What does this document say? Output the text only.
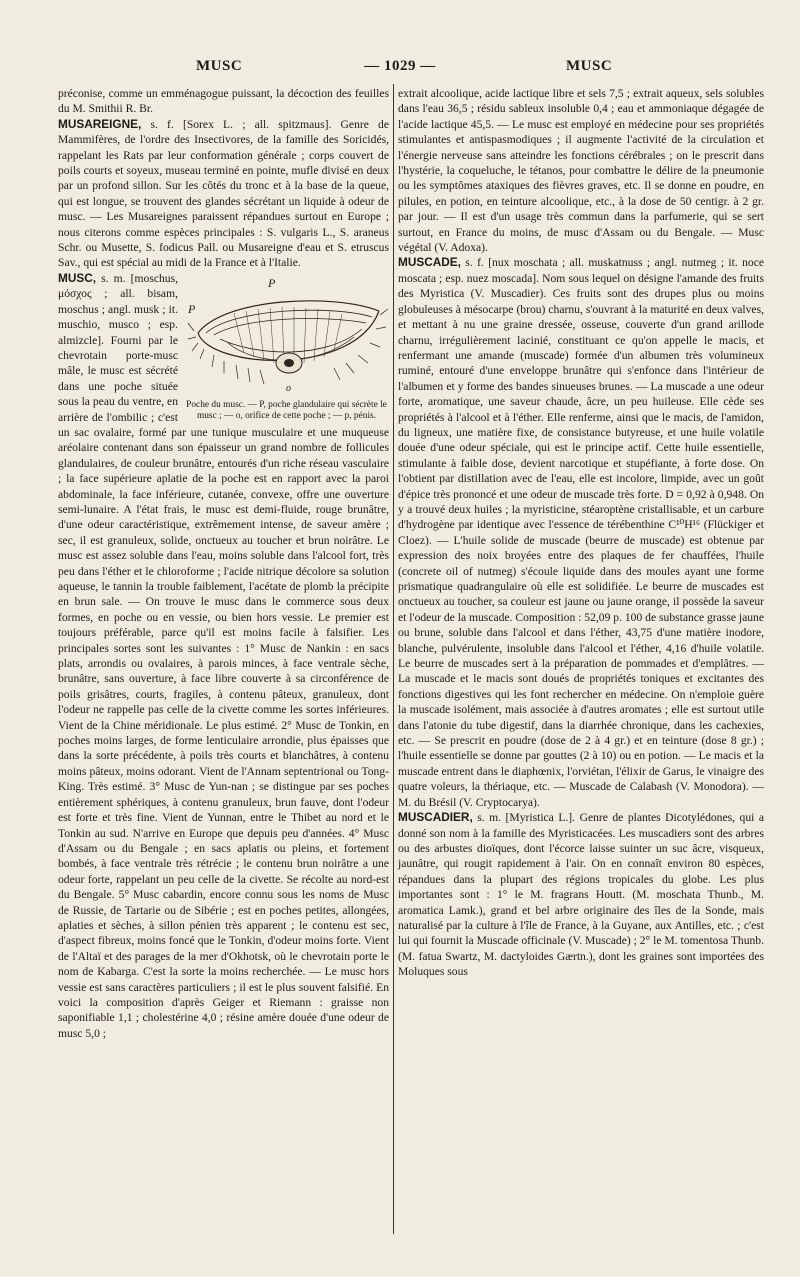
MUSC	— 1029 —	MUSC

préconise, comme un emménagogue puissant, la décoction des feuilles du M. Smithii R. Br.

MUSAREIGNE, s. f. [Sorex L. ; all. spitzmaus]. Genre de Mammifères, de l'ordre des Insectivores, de la famille des Soricidés, rappelant les Rats par leur conformation générale ; corps couvert de poils courts et soyeux, museau terminé en pointe, mufle divisé en deux par un profond sillon. Sur les côtés du tronc et à la base de la queue, qui est longue, se trouvent des glandes sécrétant un liquide à odeur de musc. — Les Musareignes paraissent répandues surtout en Europe ; nous citerons comme espèces principales : S. vulgaris L., S. araneus Schr. ou Musette, S. fodicus Pall. ou Musareigne d'eau et S. etruscus Sav., qui est spécial au midi de la France et à l'Italie.

P
P
o
Poche du musc. — P, poche glandulaire qui sécrète le musc ; — o, orifice de cette poche ; — p, pénis.

MUSC, s. m. [moschus, μόσχος ; all. bisam, moschus ; angl. musk ; it. muschio, musco ; esp. almizcle]. Fourni par le chevrotain porte-musc mâle, le musc est sécrété dans une poche située sous la peau du ventre, en arrière de l'ombilic ; c'est un sac ovalaire, formé par une tunique musculaire et une muqueuse aréolaire contenant dans son épaisseur un grand nombre de follicules glandulaires, de couleur brunâtre, entourés d'un riche réseau vasculaire ; la face supérieure aplatie de la poche est en rapport avec la paroi abdominale, la face inférieure, cutanée, convexe, offre une ouverture semi-lunaire. A l'état frais, le musc est demi-fluide, rouge brunâtre, d'une odeur caractéristique, extrêmement intense, de saveur amère ; sec, il est granuleux, solide, onctueux au toucher et brun noirâtre. Le musc est assez soluble dans l'eau, moins soluble dans l'alcool fort, très peu dans l'éther et le chloroforme ; l'acide nitrique décolore sa solution aqueuse, le tannin la trouble faiblement, l'acétate de plomb la précipite en brun sale. — On trouve le musc dans le commerce sous deux formes, en poche ou en vessie, ou bien hors vessie. Le premier est toujours préférable, parce qu'il est moins facile à falsifier. Les principales sortes sont les suivantes : 1° Musc de Nankin : en sacs plats, arrondis ou ovalaires, à parois minces, à face ventrale sèche, brunâtre, sans ouverture, à face libre couverte à sa circonférence de poils grisâtres, courts, fragiles, à contenu pâteux, granuleux, dont l'odeur ne rappelle pas celle de la civette comme les sortes inférieures. Vient de la Chine méridionale. Le plus estimé. 2° Musc de Tonkin, en poches moins larges, de forme lenticulaire arrondie, plus épaisses que dans la sorte précédente, à poils très courts et blanchâtres, à contenu moins pâteux, moins odorant. Vient de l'Annam septentrional ou Tong-King. Très estimé. 3° Musc de Yun-nan ; se distingue par ses poches entièrement sphériques, à contenu granuleux, brun fauve, dont l'odeur est forte et très fine. Vient de Yunnan, entre le Thibet au nord et le Tonkin au sud. N'arrive en Europe que depuis peu d'années. 4° Musc d'Assam ou du Bengale ; en sacs aplatis ou pleins, et fortement bombés, à face ventrale très rétrécie ; le contenu brun noirâtre a une odeur forte, rappelant un peu celle de la civette. Se récolte au nord-est du Bengale. 5° Musc cabardin, encore connu sous les noms de Musc de Russie, de Tartarie ou de Sibérie ; est en poches petites, allongées, aplaties et sèches, à sillon pénien très apparent ; le contenu est sec, d'aspect fibreux, moins foncé que le Tonkin, d'odeur moins forte. Vient de l'Altaï et des parages de la mer d'Okhotsk, où le chevrotain porte le nom de Kabarga. C'est la sorte la moins recherchée. — Le musc hors vessie est sans caractères particuliers ; il est le plus souvent falsifié. En voici la composition d'après Geiger et Riemann : graisse non saponifiable 1,1 ; cholestérine 4,0 ; résine amère douée d'une odeur de musc 5,0 ;

extrait alcoolique, acide lactique libre et sels 7,5 ; extrait aqueux, sels solubles dans l'eau 36,5 ; résidu sableux insoluble 0,4 ; eau et ammoniaque dégagée de l'acide lactique 45,5. — Le musc est employé en médecine pour ses propriétés stimulantes et antispasmodiques ; il augmente l'activité de la circulation et l'énergie nerveuse sans atteindre les fonctions cérébrales ; on le prescrit dans l'hystérie, la coqueluche, le tétanos, pour combattre le délire de la pneumonie ou les symptômes ataxiques des fièvres graves, etc. Il se donne en poudre, en pilules, en potion, en teinture alcoolique, etc., à la dose de 50 centigr. à 2 gr. par jour. — Il est d'un usage très commun dans la parfumerie, qui se sert surtout, en France du moins, de musc d'Assam ou du Bengale. — Musc végétal (V. Adoxa).

MUSCADE, s. f. [nux moschata ; all. muskatnuss ; angl. nutmeg ; it. noce moscata ; esp. nuez moscada]. Nom sous lequel on désigne l'amande des fruits des Myristica (V. Muscadier). Ces fruits sont des drupes plus ou moins globuleuses à mésocarpe (brou) charnu, s'ouvrant à la maturité en deux valves, et mettant à nu une graine dressée, osseuse, couverte d'un grand arillode charnu, irrégulièrement lacinié, constituant ce qu'on appelle le macis, et renfermant une amande (muscade) formée d'un albumen très volumineux ruminé, entouré d'une enveloppe brunâtre qui s'enfonce dans l'intérieur de l'albumen et y forme des bandes sinueuses brunes. — La muscade a une odeur forte, aromatique, une saveur chaude, âcre, un peu huileuse. Elle cède ses propriétés à l'alcool et à l'éther. Elle renferme, ainsi que le macis, de l'amidon, du ligneux, une matière fixe, de consistance butyreuse, et une huile volatile douée d'une odeur spéciale, qui est le principe actif. Cette huile essentielle, stimulante à faible dose, devient narcotique et stupéfiante, à forte dose. On l'obtient par distillation avec de l'eau, elle est incolore, limpide, avec un goût d'épice très prononcé et une odeur de muscade très forte. D = 0,92 à 0,948. On y a trouvé deux huiles ; la myristicine, stéaroptène cristallisable, et un carbure d'hydrogène par identique avec l'essence de térébenthine C¹⁰H¹⁶ (Flückiger et Cloez). — L'huile solide de muscade (beurre de muscade) est obtenue par expression des noix broyées entre des plaques de fer chauffées, l'huile (concrete oil of nutmeg) s'écoule liquide dans des moules ayant une forme prismatique quadrangulaire où elle est solidifiée. Le beurre de muscades est onctueux au toucher, sa couleur est jaune ou jaune orange, il possède la saveur et l'odeur de la muscade. Composition : 52,09 p. 100 de substance grasse jaune ou brune, soluble dans l'alcool et dans l'éther, 43,75 d'une matière inodore, blanche, pulvérulente, insoluble dans l'alcool et l'éther, 4,16 d'huile volatile. Le beurre de muscades sert à la préparation de pommades et d'emplâtres. — La muscade et le macis sont doués de propriétés toniques et excitantes des fonctions digestives qui les font rechercher en médecine. On n'emploie guère la muscade isolément, mais associée à d'autres aromates ; elle est surtout utile dans l'atonie du tube digestif, dans la diarrhée chronique, dans les cachexies, etc. — Se prescrit en poudre (dose de 2 à 4 gr.) et en teinture (dose 8 gr.) ; l'huile essentielle se donne par gouttes (2 à 10) ou en potion. — Le macis et la muscade entrent dans le diaphœnix, l'orviétan, l'élixir de Garus, le vinaigre des quatre voleurs, la thériaque, etc. — Muscade de Calabash (V. Monodora). — M. du Brésil (V. Cryptocarya).

MUSCADIER, s. m. [Myristica L.]. Genre de plantes Dicotylédones, qui a donné son nom à la famille des Myristicacées. Les muscadiers sont des arbres ou des arbustes dioïques, dont l'écorce laisse suinter un suc âcre, visqueux, jaunâtre, qui rougit rapidement à l'air. On en connaît environ 80 espèces, répandues dans la plupart des régions tropicales du globe. Les plus importantes sont : 1° le M. fragrans Houtt. (M. moschata Thunb., M. aromatica Lamk.), grand et bel arbre originaire des îles de la Sonde, mais naturalisé par la culture à l'île de France, à la Guyane, aux Antilles, etc. ; c'est lui qui fournit la Muscade officinale (V. Muscade) ; 2° le M. tomentosa Thunb. (M. fatua Swartz, M. dactyloides Gærtn.), dont les graines sont importées des Moluques sous
